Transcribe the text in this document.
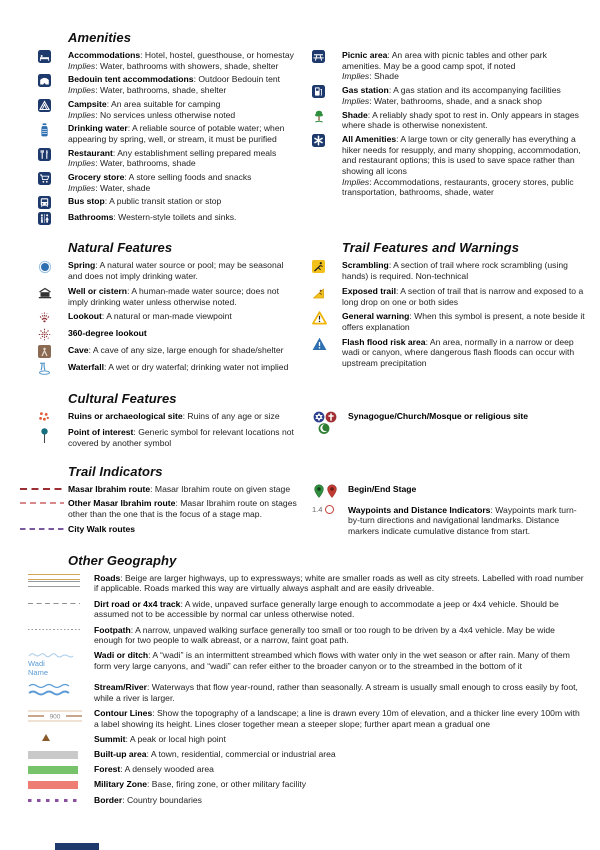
Amenities
Accommodations: Hotel, hostel, guesthouse, or homestay
Implies: Water, bathrooms with showers, shade, shelter
Bedouin tent accommodations: Outdoor Bedouin tent
Implies: Water, bathrooms, shade, shelter
Campsite: An area suitable for camping
Implies: No services unless otherwise noted
Drinking water: A reliable source of potable water; when appearing by spring, well, or stream, it must be purified
Restaurant: Any establishment selling prepared meals
Implies: Water, bathrooms, shade
Grocery store: A store selling foods and snacks
Implies: Water, shade
Bus stop: A public transit station or stop
Bathrooms: Western-style toilets and sinks.
Picnic area: An area with picnic tables and other park amenities. May be a good camp spot, if noted
Implies: Shade
Gas station: A gas station and its accompanying facilities
Implies: Water, bathrooms, shade, and a snack shop
Shade: A reliably shady spot to rest in. Only appears in stages where shade is otherwise nonexistent.
All Amenities: A large town or city generally has everything a hiker needs for resupply, and many shopping, accommodation, and restaurant options; this is used to save space rather than showing all icons
Implies: Accommodations, restaurants, grocery stores, public transportation, bathrooms, shade, water
Natural Features
Spring: A natural water source or pool; may be seasonal and does not imply drinking water.
Well or cistern: A human-made water source; does not imply drinking water unless otherwise noted.
Lookout: A natural or man-made viewpoint
360-degree lookout
Cave: A cave of any size, large enough for shade/shelter
Waterfall: A wet or dry waterfal; drinking water not implied
Trail Features and Warnings
Scrambling: A section of trail where rock scrambling (using hands) is required. Non-technical
Exposed trail: A section of trail that is narrow and exposed to a long drop on one or both sides
General warning: When this symbol is present, a note beside it offers explanation
Flash flood risk area: An area, normally in a narrow or deep wadi or canyon, where dangerous flash floods can occur with upstream precipitation
Cultural Features
Ruins or archaeological site: Ruins of any age or size
Point of interest: Generic symbol for relevant locations not covered by another symbol
Synagogue/Church/Mosque or religious site
Trail Indicators
Masar Ibrahim route: Masar Ibrahim route on given stage
Other Masar Ibrahim route: Masar Ibrahim route on stages other than the one that is the focus of a stage map.
City Walk routes
Begin/End Stage
1.4	Waypoints and Distance Indicators: Waypoints mark turn-by-turn directions and navigational landmarks. Distance markers indicate cumulative distance from start.
Other Geography
Roads: Beige are larger highways, up to expressways; white are smaller roads as well as city streets. Labelled with road number if applicable. Roads marked this way are virtually always asphalt and are easily driveable.
Dirt road or 4x4 track: A wide, unpaved surface generally large enough to accommodate a jeep or 4x4 vehicle. Should be assumed not to be accessible by normal car unless otherwise noted.
Footpath: A narrow, unpaved walking surface generally too small or too rough to be driven by a 4x4 vehicle. May be wide enough for two people to walk abreast, or a narrow, faint goat path.
Wadi
Name
Wadi or ditch: A “wadi” is an intermittent streambed which flows with water only in the wet season or after rain. Many of them form very large canyons, and “wadi” can refer either to the broader canyon or to the streambed in the bottom of it
Stream/River: Waterways that flow year-round, rather than seasonally. A stream is usually small enough to cross easily by foot, while a river is larger.
900	Contour Lines: Show the topography of a landscape; a line is drawn every 10m of elevation, and a thicker line every 100m with a label showing its height. Lines closer together mean a steeper slope; further apart mean a gradual one
Summit: A peak or local high point
Built-up area: A town, residential, commercial or industrial area
Forest: A densely wooded area
Military Zone: Base, firing zone, or other military facility
Border: Country boundaries
